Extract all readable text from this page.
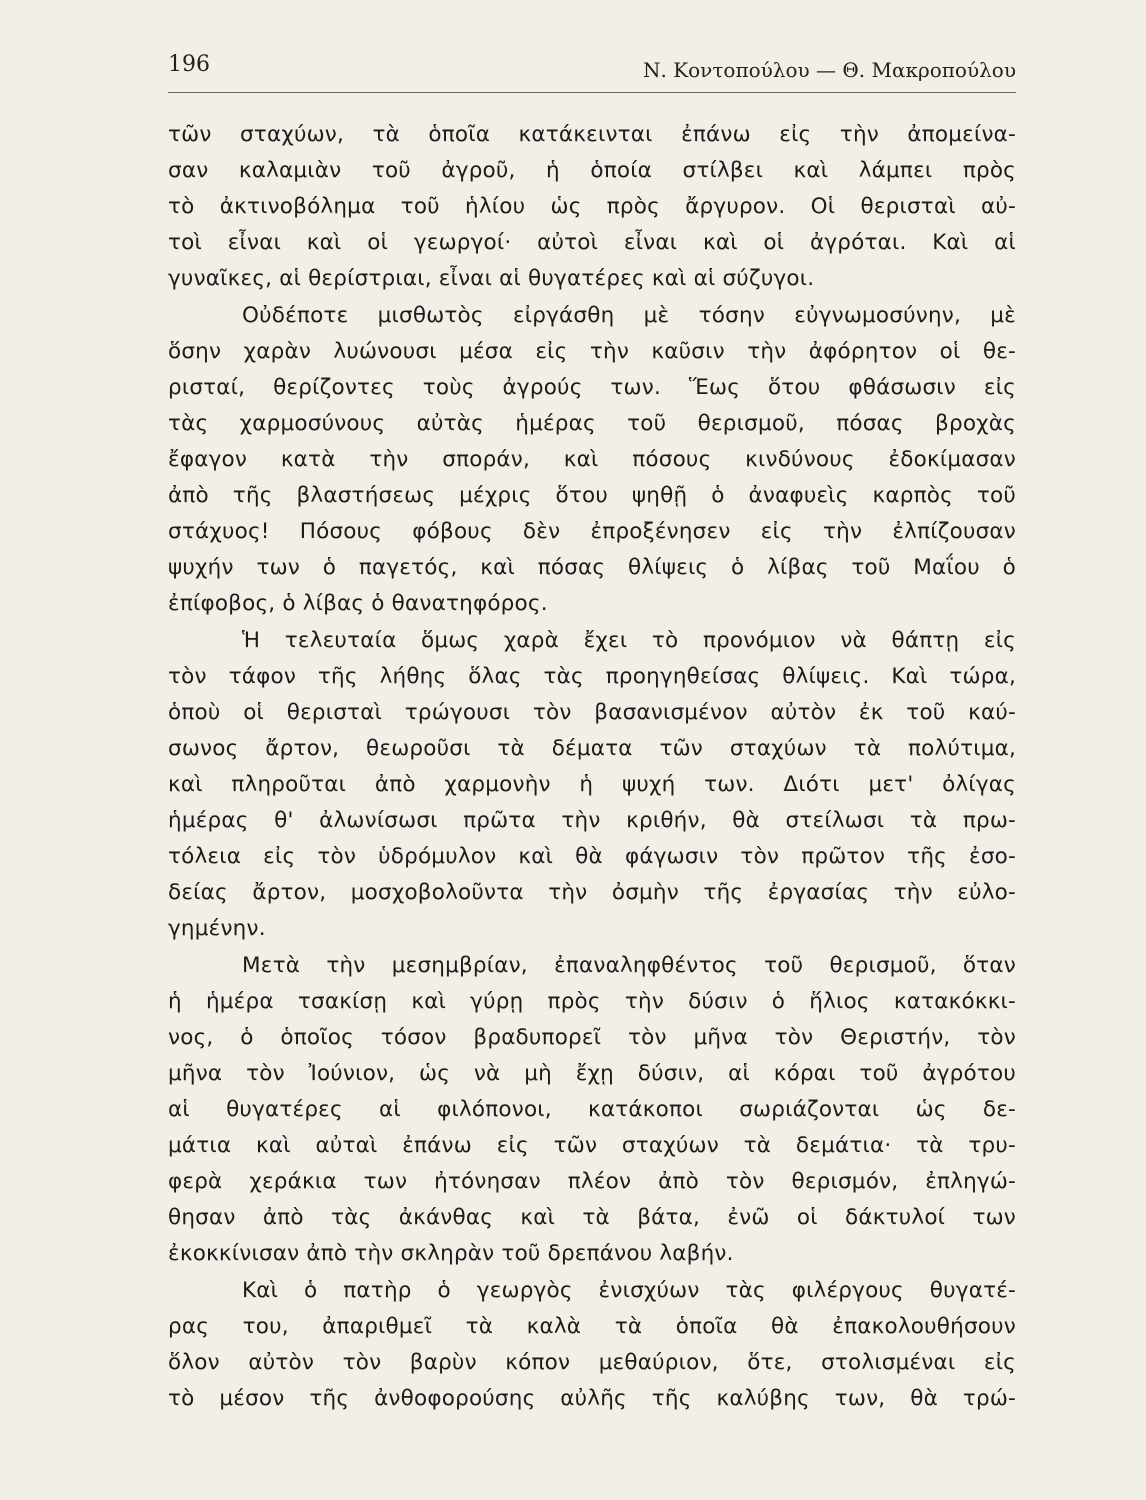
196	Ν. Κοντοπούλου — Θ. Μακροπούλου
τῶν σταχύων, τὰ ὁποῖα κατάκεινται ἐπάνω εἰς τὴν ἀπομείνα-
σαν καλαμιὰν τοῦ ἀγροῦ, ἡ ὁποία στίλβει καὶ λάμπει πρὸς
τὸ ἀκτινοβόλημα τοῦ ἡλίου ὡς πρὸς ἄργυρον. Οἱ θερισταὶ αὐ-
τοὶ εἶναι καὶ οἱ γεωργοί· αὐτοὶ εἶναι καὶ οἱ ἀγρόται. Καὶ αἱ
γυναῖκες, αἱ θερίστριαι, εἶναι αἱ θυγατέρες καὶ αἱ σύζυγοι.
Οὐδέποτε μισθωτὸς εἰργάσθη μὲ τόσην εὐγνωμοσύνην, μὲ
ὅσην χαρὰν λυώνουσι μέσα εἰς τὴν καῦσιν τὴν ἀφόρητον οἱ θε-
ρισταί, θερίζοντες τοὺς ἀγρούς των. Ἕως ὅτου φθάσωσιν εἰς
τὰς χαρμοσύνους αὐτὰς ἡμέρας τοῦ θερισμοῦ, πόσας βροχὰς
ἔφαγον κατὰ τὴν σποράν, καὶ πόσους κινδύνους ἐδοκίμασαν
ἀπὸ τῆς βλαστήσεως μέχρις ὅτου ψηθῇ ὁ ἀναφυεὶς καρπὸς τοῦ
στάχυος! Πόσους φόβους δὲν ἐπροξένησεν εἰς τὴν ἐλπίζουσαν
ψυχήν των ὁ παγετός, καὶ πόσας θλίψεις ὁ λίβας τοῦ Μαΐου ὁ
ἐπίφοβος, ὁ λίβας ὁ θανατηφόρος.
Ἡ τελευταία ὅμως χαρὰ ἔχει τὸ προνόμιον νὰ θάπτῃ εἰς
τὸν τάφον τῆς λήθης ὅλας τὰς προηγηθείσας θλίψεις. Καὶ τώρα,
ὁποὺ οἱ θερισταὶ τρώγουσι τὸν βασανισμένον αὐτὸν ἐκ τοῦ καύ-
σωνος ἄρτον, θεωροῦσι τὰ δέματα τῶν σταχύων τὰ πολύτιμα,
καὶ πληροῦται ἀπὸ χαρμονὴν ἡ ψυχή των. Διότι μετ' ὀλίγας
ἡμέρας θ' ἀλωνίσωσι πρῶτα τὴν κριθήν, θὰ στείλωσι τὰ πρω-
τόλεια εἰς τὸν ὑδρόμυλον καὶ θὰ φάγωσιν τὸν πρῶτον τῆς ἐσο-
δείας ἄρτον, μοσχοβολοῦντα τὴν ὀσμὴν τῆς ἐργασίας τὴν εὐλο-
γημένην.
Μετὰ τὴν μεσημβρίαν, ἐπαναληφθέντος τοῦ θερισμοῦ, ὅταν
ἡ ἡμέρα τσακίσῃ καὶ γύρῃ πρὸς τὴν δύσιν ὁ ἥλιος κατακόκκι-
νος, ὁ ὁποῖος τόσον βραδυπορεῖ τὸν μῆνα τὸν Θεριστήν, τὸν
μῆνα τὸν Ἰούνιον, ὡς νὰ μὴ ἔχῃ δύσιν, αἱ κόραι τοῦ ἀγρότου
αἱ θυγατέρες αἱ φιλόπονοι, κατάκοποι σωριάζονται ὡς δε-
μάτια καὶ αὐταὶ ἐπάνω εἰς τῶν σταχύων τὰ δεμάτια· τὰ τρυ-
φερὰ χεράκια των ἠτόνησαν πλέον ἀπὸ τὸν θερισμόν, ἐπληγώ-
θησαν ἀπὸ τὰς ἀκάνθας καὶ τὰ βάτα, ἐνῶ οἱ δάκτυλοί των
ἐκοκκίνισαν ἀπὸ τὴν σκληρὰν τοῦ δρεπάνου λαβήν.
Καὶ ὁ πατὴρ ὁ γεωργὸς ἐνισχύων τὰς φιλέργους θυγατέ-
ρας του, ἀπαριθμεῖ τὰ καλὰ τὰ ὁποῖα θὰ ἐπακολουθήσουν
ὅλον αὐτὸν τὸν βαρὺν κόπον μεθαύριον, ὅτε, στολισμέναι εἰς
τὸ μέσον τῆς ἀνθοφορούσης αὐλῆς τῆς καλύβης των, θὰ τρώ-
